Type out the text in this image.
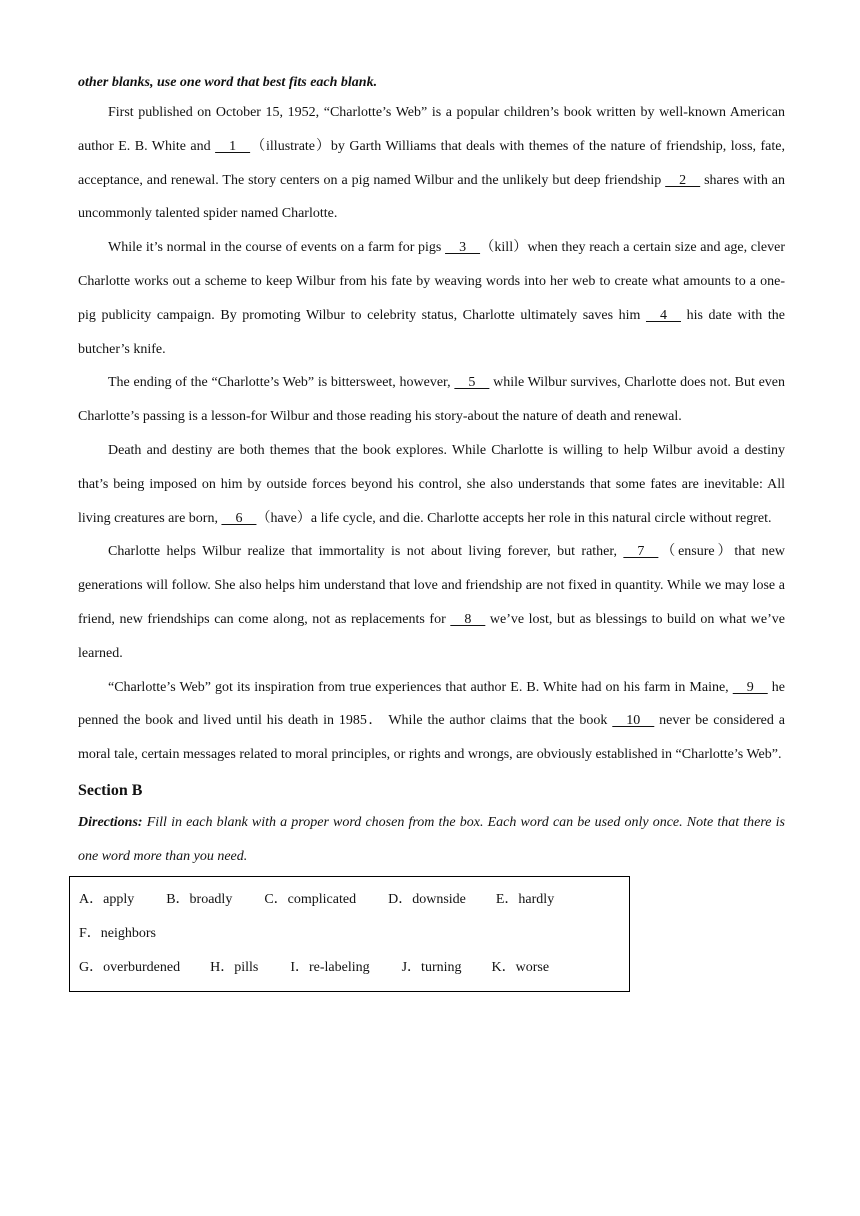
other blanks, use one word that best fits each blank.

First published on October 15, 1952, “Charlotte’s Web” is a popular children’s book written by well-known American author E. B. White and     1    （illustrate）by Garth Williams that deals with themes of the nature of friendship, loss, fate, acceptance, and renewal. The story centers on a pig named Wilbur and the unlikely but deep friendship     2     shares with an uncommonly talented spider named Charlotte.

While it’s normal in the course of events on a farm for pigs     3    （kill）when they reach a certain size and age, clever Charlotte works out a scheme to keep Wilbur from his fate by weaving words into her web to create what amounts to a one-pig publicity campaign. By promoting Wilbur to celebrity status, Charlotte ultimately saves him     4     his date with the butcher’s knife.

The ending of the “Charlotte’s Web” is bittersweet, however,     5     while Wilbur survives, Charlotte does not. But even Charlotte’s passing is a lesson-for Wilbur and those reading his story-about the nature of death and renewal.

Death and destiny are both themes that the book explores. While Charlotte is willing to help Wilbur avoid a destiny that’s being imposed on him by outside forces beyond his control, she also understands that some fates are inevitable: All living creatures are born,     6    （have）a life cycle, and die. Charlotte accepts her role in this natural circle without regret.

Charlotte helps Wilbur realize that immortality is not about living forever, but rather,     7    （ensure）that new generations will follow. She also helps him understand that love and friendship are not fixed in quantity. While we may lose a friend, new friendships can come along, not as replacements for     8     we’ve lost, but as blessings to build on what we’ve learned.

“Charlotte’s Web” got its inspiration from true experiences that author E. B. White had on his farm in Maine,     9     he penned the book and lived until his death in 1985． While the author claims that the book     10     never be considered a moral tale, certain messages related to moral principles, or rights and wrongs, are obviously established in “Charlotte’s Web”.

Section B

Directions: Fill in each blank with a proper word chosen from the box. Each word can be used only once. Note that there is one word more than you need.

A．apply B．broadly C．complicated D．downside E．hardly
F．neighbors
G．overburdened H．pills I．re-labeling J．turning K．worse
